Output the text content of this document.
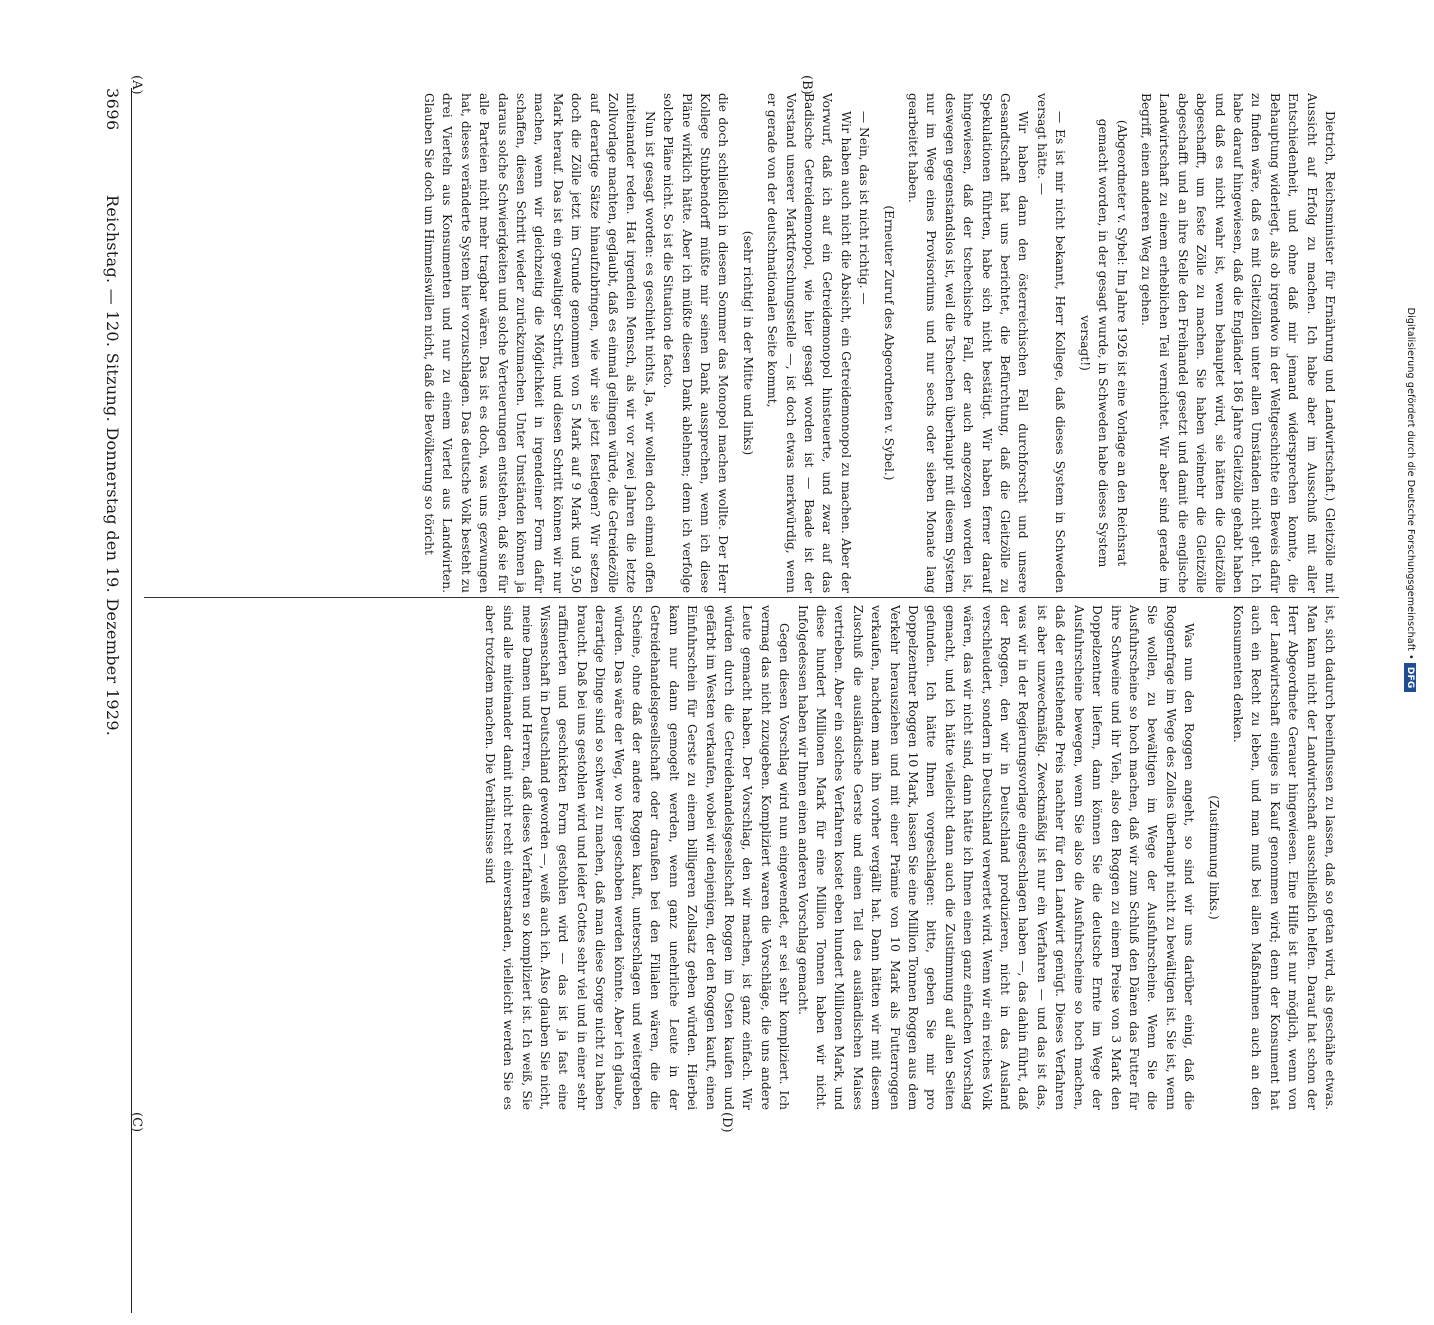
Digitalisierung gefördert durch die Deutsche Forschungsgemeinschaft •DFG
3696
Reichstag. — 120. Sitzung. Donnerstag den 19. Dezember 1929.
(A)	(B)
(C)	(D)

Dietrich, Reichsminister für Ernährung und Landwirtschaft.) Gleitzölle mit Aussicht auf Erfolg zu machen. Ich habe aber im Ausschuß mit aller Entschiedenheit, und ohne daß mir jemand widersprechen konnte, die Behauptung widerlegt, als ob irgendwo in der Weltgeschichte ein Beweis dafür zu finden wäre, daß es mit Gleitzöllen unter allen Umständen nicht geht. Ich habe darauf hingewiesen, daß die Engländer 186 Jahre Gleitzölle gehabt haben und daß es nicht wahr ist, wenn behauptet wird, sie hätten die Gleitzölle abgeschafft, um feste Zölle zu machen. Sie haben vielmehr die Gleitzölle abgeschafft und an ihre Stelle den Freihandel gesetzt und damit die englische Landwirtschaft zu einem erheblichen Teil vernichtet. Wir aber sind gerade im Begriff, einen anderen Weg zu gehen.

(Abgeordneter v. Sybel: Im Jahre 1926 ist eine Vorlage an den Reichsrat gemacht worden, in der gesagt wurde, in Schweden habe dieses System versagt!)

— Es ist mir nicht bekannt, Herr Kollege, daß dieses System in Schweden versagt hätte. —

Wir haben dann den österreichischen Fall durchforscht und unsere Gesandtschaft hat uns berichtet, die Befürchtung, daß die Gleitzölle zu Spekulationen führten, habe sich nicht bestätigt. Wir haben ferner darauf hingewiesen, daß der tschechische Fall, der auch angezogen worden ist, deswegen gegenstandslos ist, weil die Tschechen überhaupt mit diesem System nur im Wege eines Provisoriums und nur sechs oder sieben Monate lang gearbeitet haben.

(Erneuter Zuruf des Abgeordneten v. Sybel.)

— Nein, das ist nicht richtig. —

Wir haben auch nicht die Absicht, ein Getreidemonopol zu machen. Aber der Vorwurf, daß ich auf ein Getreidemonopol hinsteuerte, und zwar auf das Badische Getreidemonopol, wie hier gesagt worden ist — Baade ist der Vorstand unserer Marktforschungsstelle —, ist doch etwas merkwürdig, wenn er gerade von der deutschnationalen Seite kommt,

(sehr richtig! in der Mitte und links)

die doch schließlich in diesem Sommer das Monopol machen wollte. Der Herr Kollege Stubbendorff müßte mir seinen Dank aussprechen, wenn ich diese Pläne wirklich hätte. Aber ich müßte diesen Dank ablehnen; denn ich verfolge solche Pläne nicht. So ist die Situation de facto.

Nun ist gesagt worden: es geschieht nichts. Ja, wir wollen doch einmal offen miteinander reden. Hat irgendein Mensch, als wir vor zwei Jahren die letzte Zollvorlage machten, geglaubt, daß es einmal gelingen würde, die Getreidezölle auf derartige Sätze hinaufzubringen, wie wir sie jetzt festlegen? Wir setzen doch die Zölle jetzt im Grunde genommen von 5 Mark auf 9 Mark und 9,50 Mark herauf. Das ist ein gewaltiger Schritt, und diesen Schritt können wir nur machen, wenn wir gleichzeitig die Möglichkeit in irgendeiner Form dafür schaffen, diesen Schritt wieder zurückzumachen. Unter Umständen können ja daraus solche Schwierigkeiten und solche Verteuerungen entstehen, daß sie für alle Parteien nicht mehr tragbar wären. Das ist es doch, was uns gezwungen hat, dieses veränderte System hier vorzuschlagen. Das deutsche Volk besteht zu drei Vierteln aus Konsumenten und nur zu einem Viertel aus Landwirten. Glauben Sie doch um Himmelswillen nicht, daß die Bevölkerung so töricht

ist, sich dadurch beeinflussen zu lassen, daß so getan wird, als geschähe etwas. Man kann nicht der Landwirtschaft ausschließlich helfen. Darauf hat schon der Herr Abgeordnete Gerauer hingewiesen. Eine Hilfe ist nur möglich, wenn von der Landwirtschaft einiges in Kauf genommen wird; denn der Konsument hat auch ein Recht zu leben, und man muß bei allen Maßnahmen auch an den Konsumenten denken.

(Zustimmung links.)

Was nun den Roggen angeht, so sind wir uns darüber einig, daß die Roggenfrage im Wege des Zolles überhaupt nicht zu bewältigen ist. Sie ist, wenn Sie wollen, zu bewältigen im Wege der Ausfuhrscheine. Wenn Sie die Ausfuhrscheine so hoch machen, daß wir zum Schluß den Dänen das Futter für ihre Schweine und ihr Vieh, also den Roggen zu einem Preise von 3 Mark den Doppelzentner liefern, dann können Sie die deutsche Ernte im Wege der Ausfuhrscheine bewegen, wenn Sie also die Ausfuhrscheine so hoch machen, daß der entstehende Preis nachher für den Landwirt genügt. Dieses Verfahren ist aber unzweckmäßig. Zweckmäßig ist nur ein Verfahren — und das ist das, was wir in der Regierungsvorlage eingeschlagen haben —, das dahin führt, daß der Roggen, den wir in Deutschland produzieren, nicht in das Ausland verschleudert, sondern in Deutschland verwertet wird. Wenn wir ein reiches Volk wären, das wir nicht sind, dann hätte ich Ihnen einen ganz einfachen Vorschlag gemacht, und ich hätte vielleicht dann auch die Zustimmung auf allen Seiten gefunden. Ich hätte Ihnen vorgeschlagen: bitte, geben Sie mir pro Doppelzentner Roggen 10 Mark, lassen Sie eine Million Tonnen Roggen aus dem Verkehr herausziehen und mit einer Prämie von 10 Mark als Futterroggen verkaufen, nachdem man ihn vorher vergällt hat. Dann hätten wir mit diesem Zuschuß die ausländische Gerste und einen Teil des ausländischen Maises vertrieben. Aber ein solches Verfahren kostet eben hundert Millionen Mark, und diese hundert Millionen Mark für eine Million Tonnen haben wir nicht. Infolgedessen haben wir Ihnen einen anderen Vorschlag gemacht.

Gegen diesen Vorschlag wird nun eingewendet, er sei sehr kompliziert. Ich vermag das nicht zuzugeben. Kompliziert waren die Vorschläge, die uns andere Leute gemacht haben. Der Vorschlag, den wir machen, ist ganz einfach. Wir würden durch die Getreidehandelsgesellschaft Roggen im Osten kaufen und gefärbt im Westen verkaufen, wobei wir denjenigen, der den Roggen kauft, einen Einfuhrschein für Gerste zu einem billigeren Zollsatz geben würden. Hierbei kann nur dann gemogelt werden, wenn ganz unehrliche Leute in der Getreidehandelsgesellschaft oder draußen bei den Filialen wären, die die Scheine, ohne daß der andere Roggen kauft, unterschlagen und weitergeben würden. Das wäre der Weg, wo hier geschoben werden könnte. Aber ich glaube, derartige Dinge sind so schwer zu machen, daß man diese Sorge nicht zu haben braucht. Daß bei uns gestohlen wird und leider Gottes sehr viel und in einer sehr raffinierten und geschickten Form gestohlen wird — das ist ja fast eine Wissenschaft in Deutschland geworden —, weiß auch ich. Also glauben Sie nicht, meine Damen und Herren, daß dieses Verfahren so kompliziert ist. Ich weiß, Sie sind alle miteinander damit nicht recht einverstanden, vielleicht werden Sie es aber trotzdem machen. Die Verhältnisse sind
